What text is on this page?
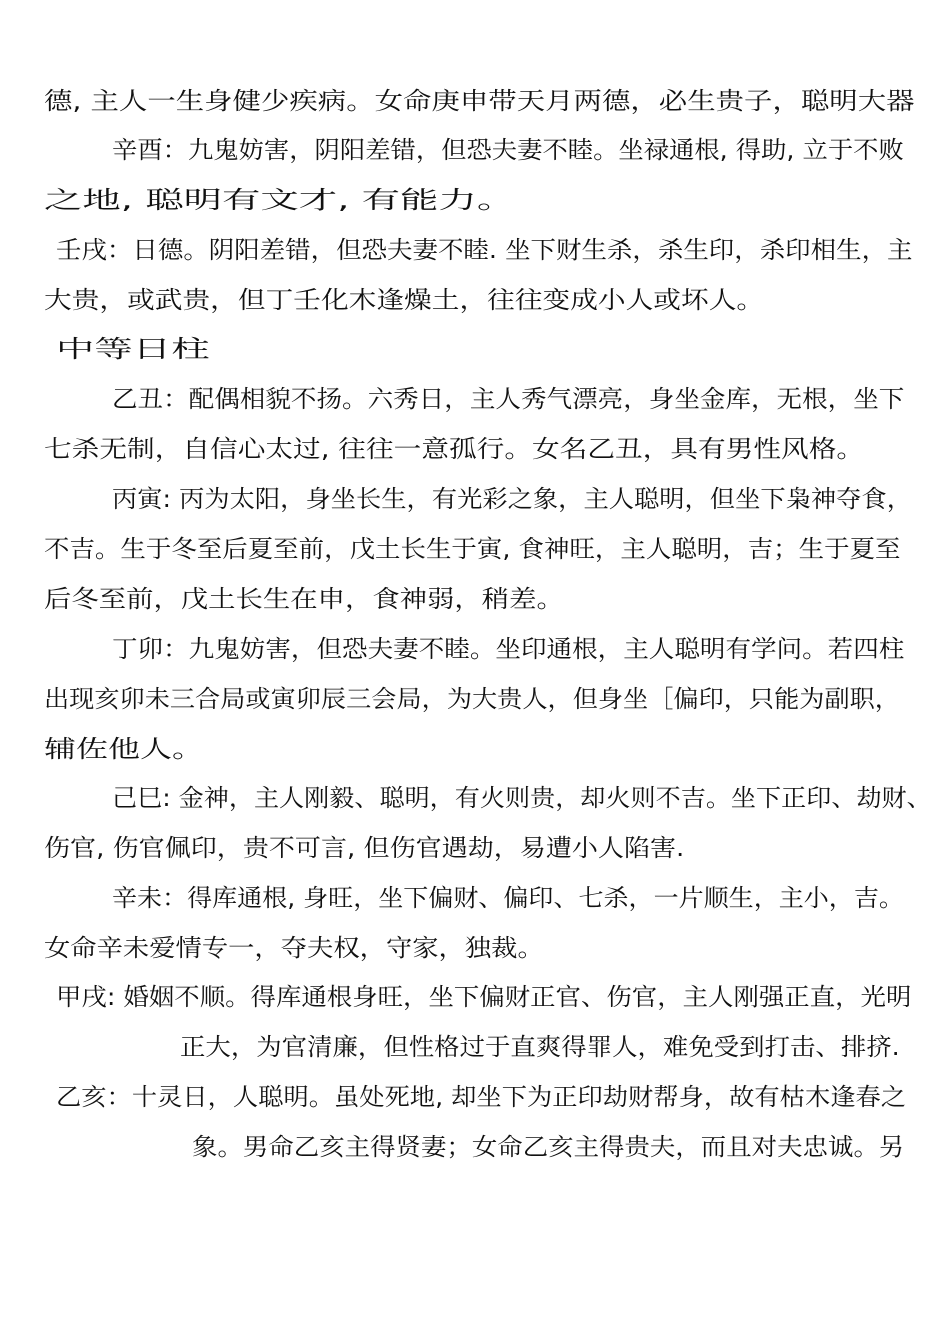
德, 主人一生身健少疾病。女命庚申带天月两德，必生贵子，聪明大器
辛酉：九鬼妨害，阴阳差错，但恐夫妻不睦。坐禄通根, 得助, 立于不败
之地, 聪明有文才, 有能力。
壬戌：日德。阴阳差错，但恐夫妻不睦. 坐下财生杀，杀生印，杀印相生，主
大贵，或武贵，但丁壬化木逢燥土，往往变成小人或坏人。
中等日柱
乙丑：配偶相貌不扬。六秀日，主人秀气漂亮，身坐金库，无根，坐下
七杀无制，自信心太过, 往往一意孤行。女名乙丑，具有男性风格。
丙寅: 丙为太阳，身坐长生，有光彩之象，主人聪明，但坐下枭神夺食，
不吉。生于冬至后夏至前，戊土长生于寅, 食神旺，主人聪明，吉；生于夏至
后冬至前，戊土长生在申，食神弱，稍差。
丁卯：九鬼妨害，但恐夫妻不睦。坐印通根，主人聪明有学问。若四柱
出现亥卯未三合局或寅卯辰三会局，为大贵人，但身坐［偏印，只能为副职，
辅佐他人。
己巳: 金神，主人刚毅、聪明，有火则贵，却火则不吉。坐下正印、劫财、
伤官, 伤官佩印，贵不可言, 但伤官遇劫，易遭小人陷害.
辛未：得库通根, 身旺，坐下偏财、偏印、七杀，一片顺生，主小，吉。
女命辛未爱情专一，夺夫权，守家，独裁。
甲戌: 婚姻不顺。得库通根身旺，坐下偏财正官、伤官，主人刚强正直，光明
正大，为官清廉，但性格过于直爽得罪人，难免受到打击、排挤.
乙亥：十灵日，人聪明。虽处死地, 却坐下为正印劫财帮身，故有枯木逢春之
象。男命乙亥主得贤妻；女命乙亥主得贵夫，而且对夫忠诚。另
